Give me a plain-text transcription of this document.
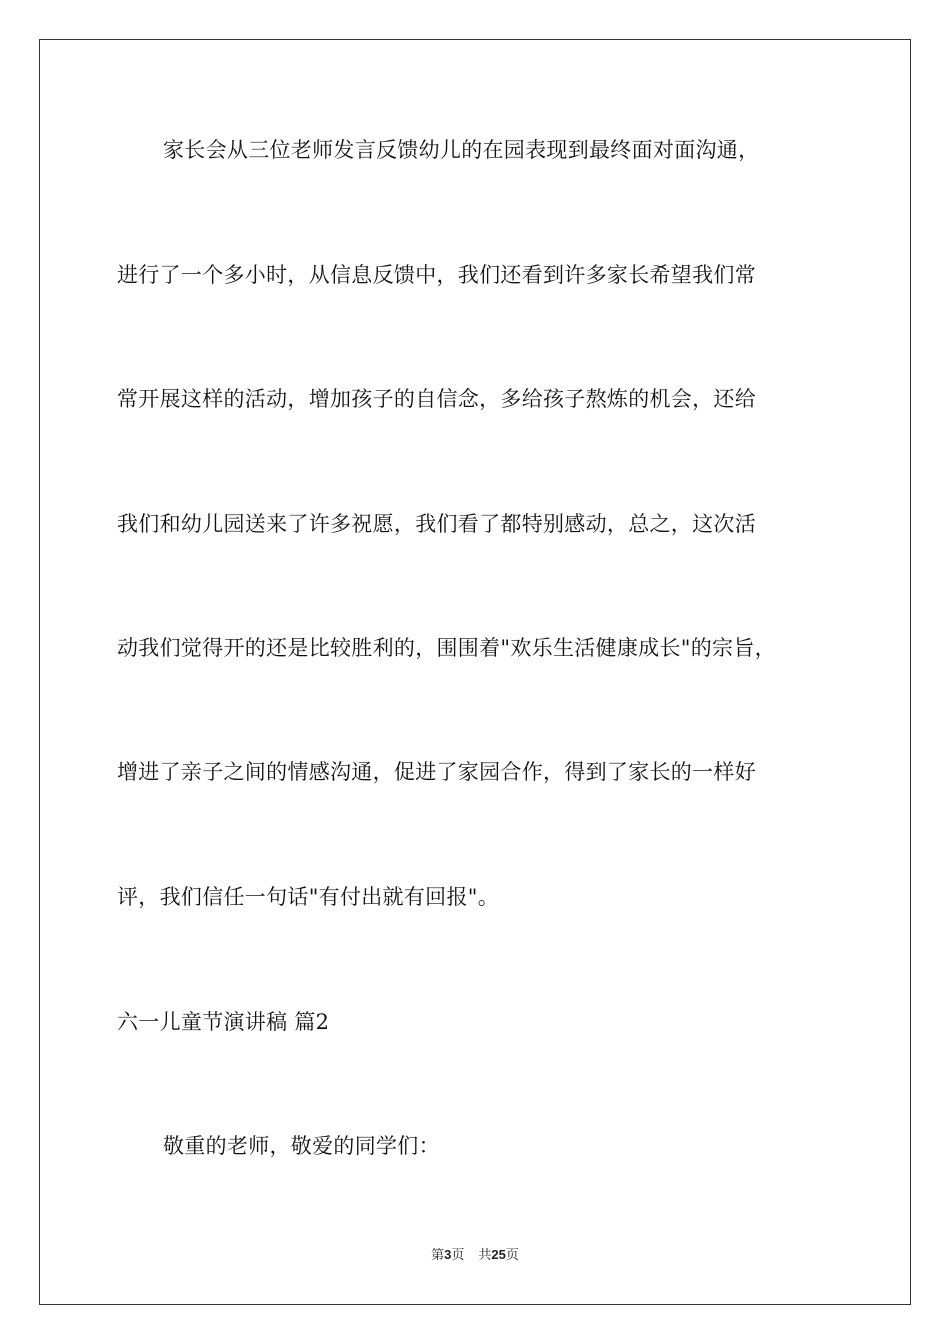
家长会从三位老师发言反馈幼儿的在园表现到最终面对面沟通，
进行了一个多小时，从信息反馈中，我们还看到许多家长希望我们常
常开展这样的活动，增加孩子的自信念，多给孩子熬炼的机会，还给
我们和幼儿园送来了许多祝愿，我们看了都特别感动，总之，这次活
动我们觉得开的还是比较胜利的，围围着"欢乐生活健康成长"的宗旨，
增进了亲子之间的情感沟通，促进了家园合作，得到了家长的一样好
评，我们信任一句话"有付出就有回报"。
六一儿童节演讲稿 篇2
敬重的老师，敬爱的同学们：
第3页 共25页
